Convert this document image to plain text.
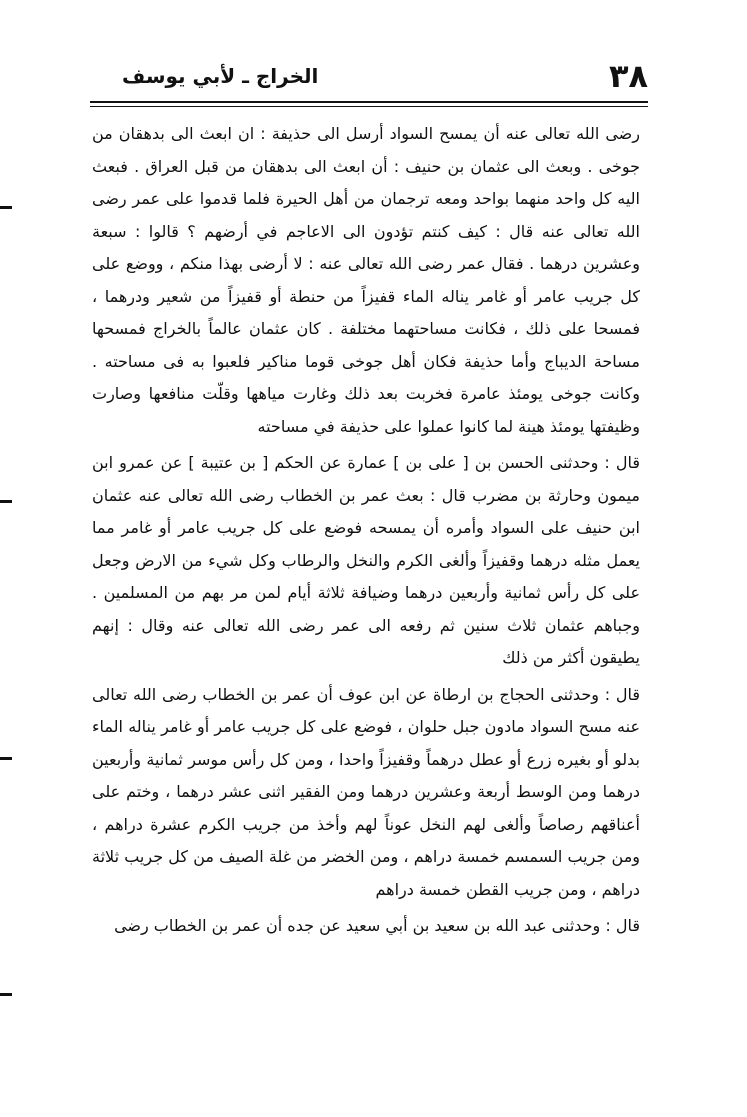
٣٨
الخراج ـ لأبي يوسف

رضى الله تعالى عنه أن يمسح السواد أرسل الى حذيفة : ان ابعث الى بدهقان من جوخى . وبعث الى عثمان بن حنيف : أن ابعث الى بدهقان من قبل العراق . فبعث اليه كل واحد منهما بواحد ومعه ترجمان من أهل الحيرة فلما قدموا على عمر رضى الله تعالى عنه قال : كيف كنتم تؤدون الى الاعاجم في أرضهم ؟ قالوا : سبعة وعشرين درهما . فقال عمر رضى الله تعالى عنه : لا أرضى بهذا منكم ، ووضع على كل جريب عامر أو غامر يناله الماء قفيزاً من حنطة أو قفيزاً من شعير ودرهما ، فمسحا على ذلك ، فكانت مساحتهما مختلفة . كان عثمان عالماً بالخراج فمسحها مساحة الديباج وأما حذيفة فكان أهل جوخى قوما مناكير فلعبوا به فى مساحته . وكانت جوخى يومئذ عامرة فخربت بعد ذلك وغارت مياهها وقلّت منافعها وصارت وظيفتها يومئذ هينة لما كانوا عملوا على حذيفة في مساحته

قال : وحدثنى الحسن بن [ على بن ] عمارة عن الحكم [ بن عتيبة ] عن عمرو ابن ميمون وحارثة بن مضرب قال : بعث عمر بن الخطاب رضى الله تعالى عنه عثمان ابن حنيف على السواد وأمره أن يمسحه فوضع على كل جريب عامر أو غامر مما يعمل مثله درهما وقفيزاً وألغى الكرم والنخل والرطاب وكل شيء من الارض وجعل على كل رأس ثمانية وأربعين درهما وضيافة ثلاثة أيام لمن مر بهم من المسلمين . وجباهم عثمان ثلاث سنين ثم رفعه الى عمر رضى الله تعالى عنه وقال : إنهم يطيقون أكثر من ذلك

قال : وحدثنى الحجاج بن ارطاة عن ابن عوف أن عمر بن الخطاب رضى الله تعالى عنه مسح السواد مادون جبل حلوان ، فوضع على كل جريب عامر أو غامر يناله الماء بدلو أو بغيره زرع أو عطل درهماً وقفيزاً واحدا ، ومن كل رأس موسر ثمانية وأربعين درهما ومن الوسط أربعة وعشرين درهما ومن الفقير اثنى عشر درهما ، وختم على أعناقهم رصاصاً وألغى لهم النخل عوناً لهم وأخذ من جريب الكرم عشرة دراهم ، ومن جريب السمسم خمسة دراهم ، ومن الخضر من غلة الصيف من كل جريب ثلاثة دراهم ، ومن جريب القطن خمسة دراهم

قال : وحدثنى عبد الله بن سعيد بن أبي سعيد عن جده أن عمر بن الخطاب رضى
